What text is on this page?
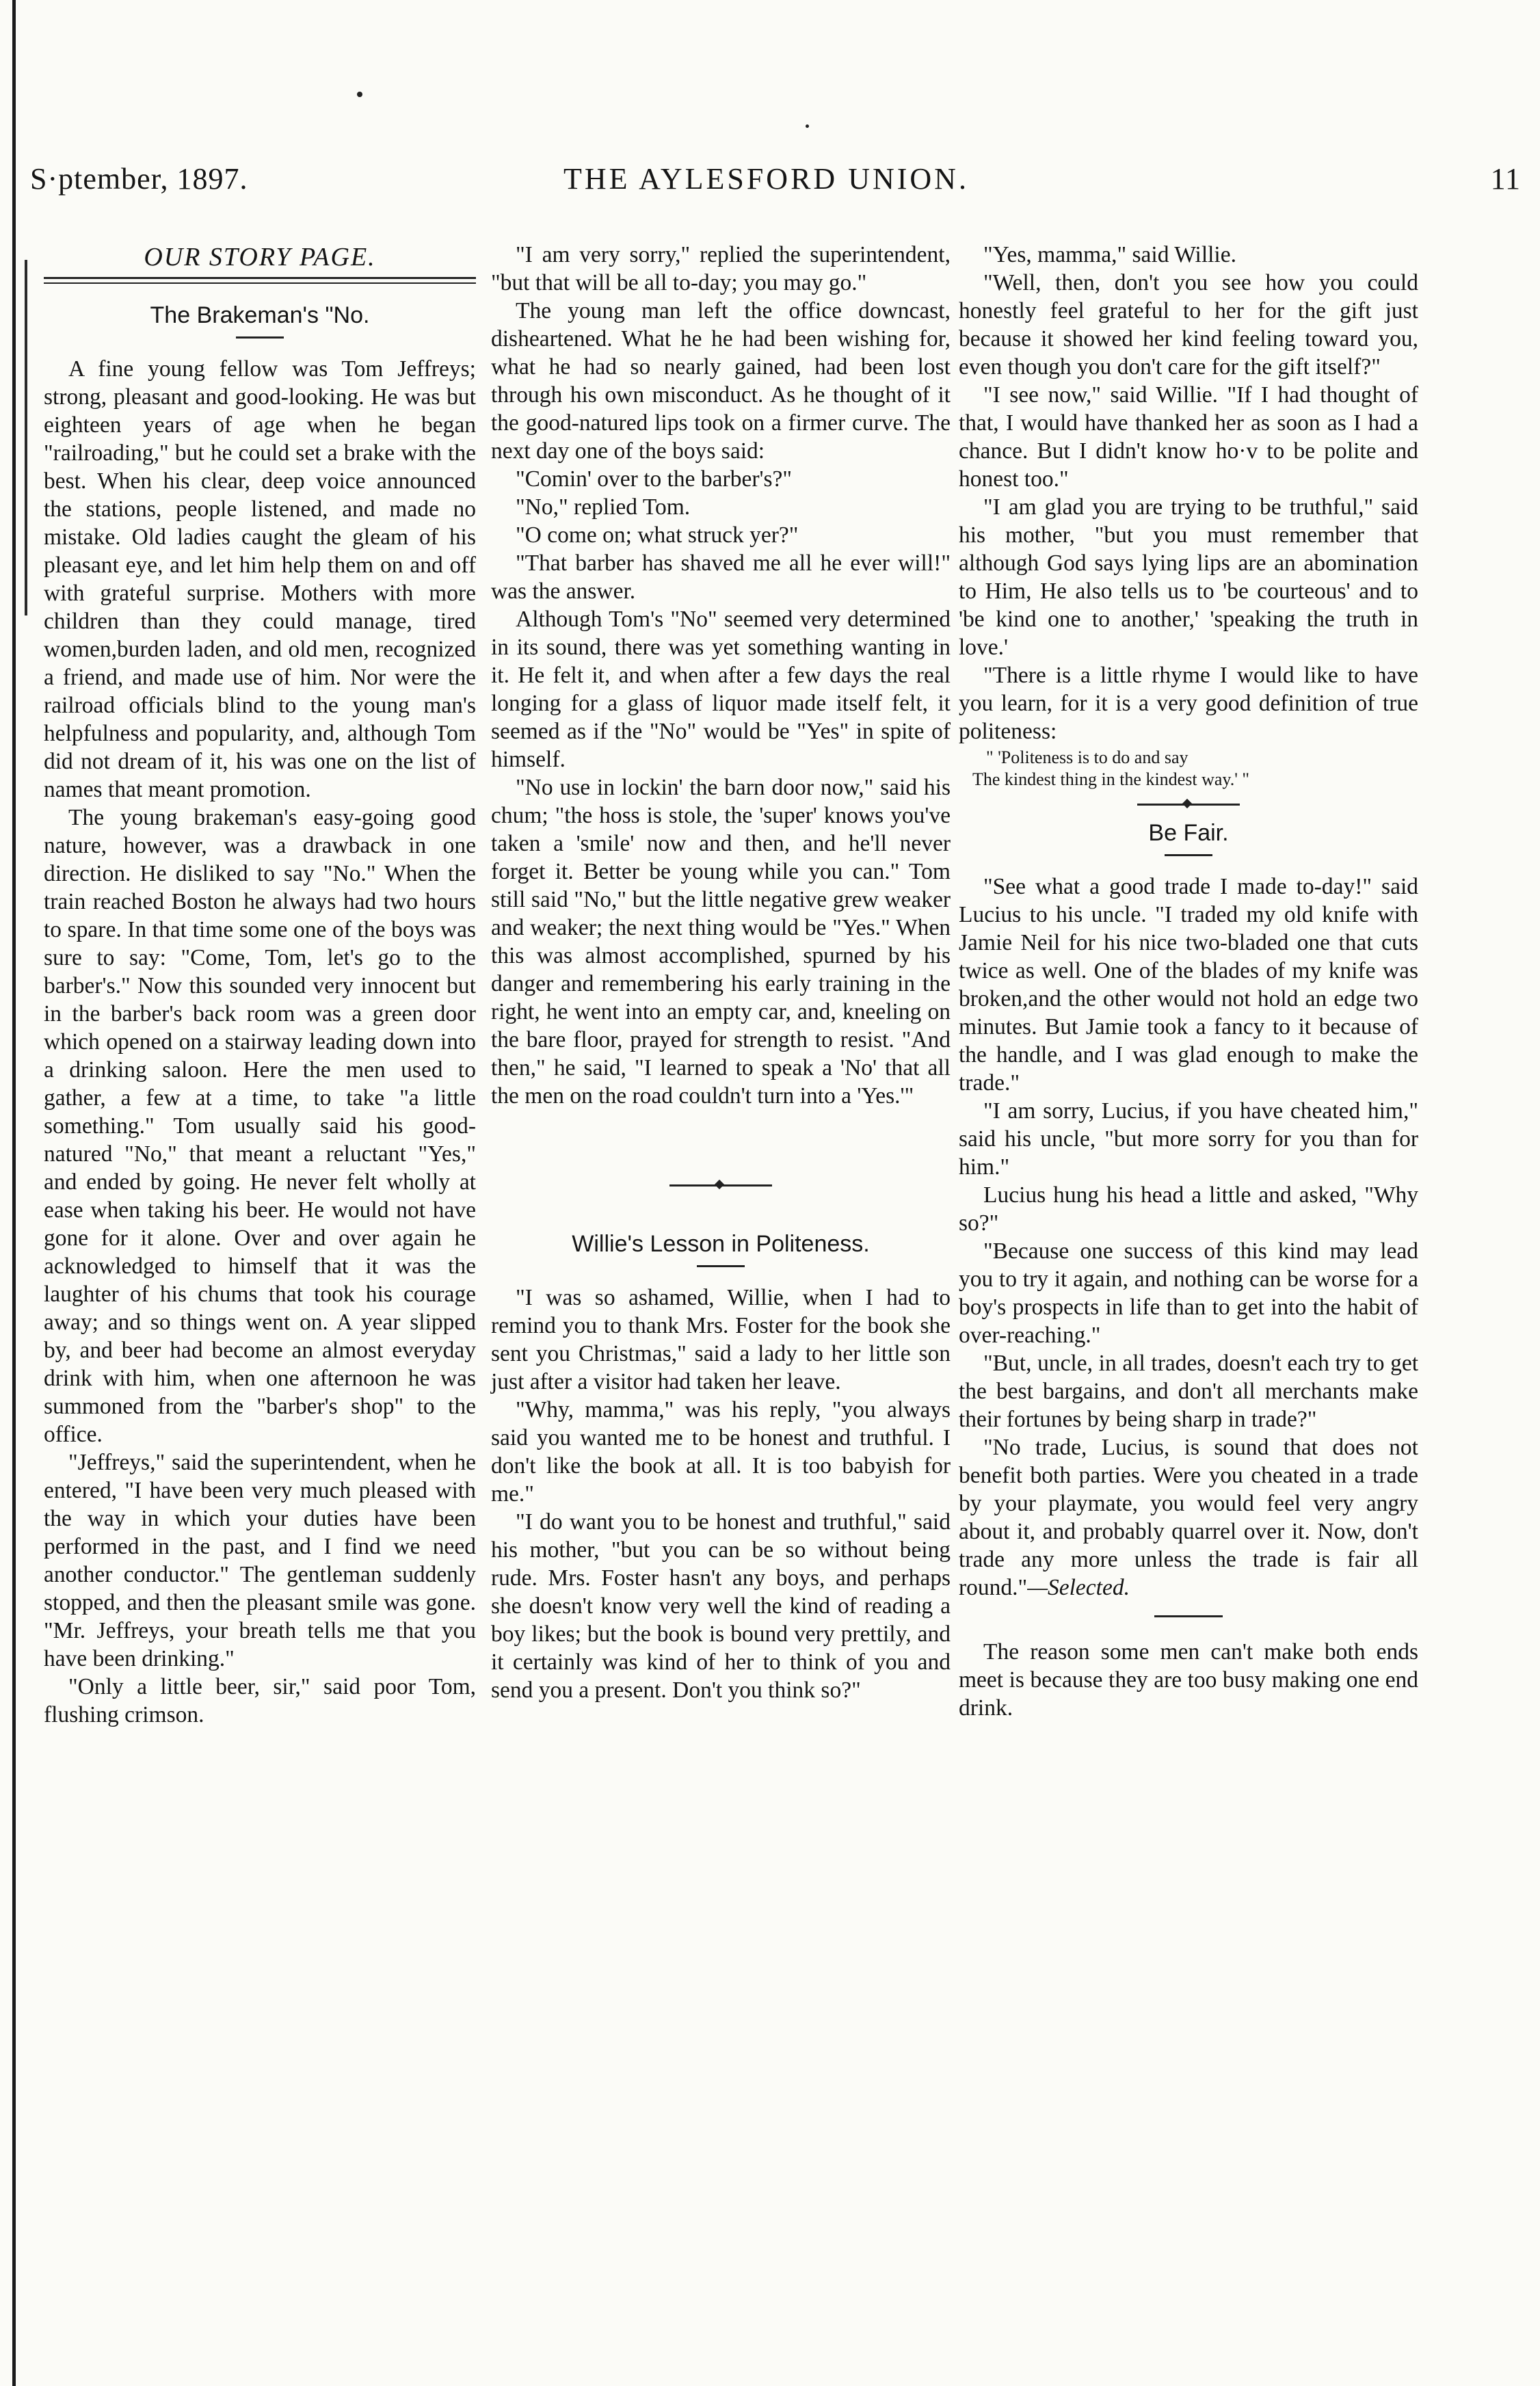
S·ptember, 1897.	THE AYLESFORD UNION.	11
OUR STORY PAGE.
The Brakeman's "No.

A fine young fellow was Tom Jeffreys; strong, pleasant and good-looking. He was but eighteen years of age when he began "railroading," but he could set a brake with the best. When his clear, deep voice announced the stations, people listened, and made no mistake. Old ladies caught the gleam of his pleasant eye, and let him help them on and off with grateful surprise. Mothers with more children than they could manage, tired women,burden laden, and old men, recognized a friend, and made use of him. Nor were the railroad officials blind to the young man's helpfulness and popularity, and, although Tom did not dream of it, his was one on the list of names that meant promotion.

The young brakeman's easy-going good nature, however, was a drawback in one direction. He disliked to say "No." When the train reached Boston he always had two hours to spare. In that time some one of the boys was sure to say: "Come, Tom, let's go to the barber's." Now this sounded very innocent but in the barber's back room was a green door which opened on a stairway leading down into a drinking saloon. Here the men used to gather, a few at a time, to take "a little something." Tom usually said his good-natured "No," that meant a reluctant "Yes," and ended by going. He never felt wholly at ease when taking his beer. He would not have gone for it alone. Over and over again he acknowledged to himself that it was the laughter of his chums that took his courage away; and so things went on. A year slipped by, and beer had become an almost everyday drink with him, when one afternoon he was summoned from the "barber's shop" to the office.

"Jeffreys," said the superintendent, when he entered, "I have been very much pleased with the way in which your duties have been performed in the past, and I find we need another conductor." The gentleman suddenly stopped, and then the pleasant smile was gone. "Mr. Jeffreys, your breath tells me that you have been drinking."

"Only a little beer, sir," said poor Tom, flushing crimson.

"I am very sorry," replied the superintendent, "but that will be all to-day; you may go."

The young man left the office downcast, disheartened. What he he had been wishing for, what he had so nearly gained, had been lost through his own misconduct. As he thought of it the good-natured lips took on a firmer curve. The next day one of the boys said:

"Comin' over to the barber's?"

"No," replied Tom.

"O come on; what struck yer?"

"That barber has shaved me all he ever will!" was the answer.

Although Tom's "No" seemed very determined in its sound, there was yet something wanting in it. He felt it, and when after a few days the real longing for a glass of liquor made itself felt, it seemed as if the "No" would be "Yes" in spite of himself.

"No use in lockin' the barn door now," said his chum; "the hoss is stole, the 'super' knows you've taken a 'smile' now and then, and he'll never forget it. Better be young while you can." Tom still said "No," but the little negative grew weaker and weaker; the next thing would be "Yes." When this was almost accomplished, spurned by his danger and remembering his early training in the right, he went into an empty car, and, kneeling on the bare floor, prayed for strength to resist. "And then," he said, "I learned to speak a 'No' that all the men on the road couldn't turn into a 'Yes.'"

Willie's Lesson in Politeness.

"I was so ashamed, Willie, when I had to remind you to thank Mrs. Foster for the book she sent you Christmas," said a lady to her little son just after a visitor had taken her leave.

"Why, mamma," was his reply, "you always said you wanted me to be honest and truthful. I don't like the book at all. It is too babyish for me."

"I do want you to be honest and truthful," said his mother, "but you can be so without being rude. Mrs. Foster hasn't any boys, and perhaps she doesn't know very well the kind of reading a boy likes; but the book is bound very prettily, and it certainly was kind of her to think of you and send you a present. Don't you think so?"

"Yes, mamma," said Willie.

"Well, then, don't you see how you could honestly feel grateful to her for the gift just because it showed her kind feeling toward you, even though you don't care for the gift itself?"

"I see now," said Willie. "If I had thought of that, I would have thanked her as soon as I had a chance. But I didn't know ho·v to be polite and honest too."

"I am glad you are trying to be truthful," said his mother, "but you must remember that although God says lying lips are an abomination to Him, He also tells us to 'be courteous' and to 'be kind one to another,' 'speaking the truth in love.'

"There is a little rhyme I would like to have you learn, for it is a very good definition of true politeness:

" 'Politeness is to do and say
The kindest thing in the kindest way.' "
Be Fair.

"See what a good trade I made to-day!" said Lucius to his uncle. "I traded my old knife with Jamie Neil for his nice two-bladed one that cuts twice as well. One of the blades of my knife was broken,and the other would not hold an edge two minutes. But Jamie took a fancy to it because of the handle, and I was glad enough to make the trade."

"I am sorry, Lucius, if you have cheated him," said his uncle, "but more sorry for you than for him."

Lucius hung his head a little and asked, "Why so?"

"Because one success of this kind may lead you to try it again, and nothing can be worse for a boy's prospects in life than to get into the habit of over-reaching."

"But, uncle, in all trades, doesn't each try to get the best bargains, and don't all merchants make their fortunes by being sharp in trade?"

"No trade, Lucius, is sound that does not benefit both parties. Were you cheated in a trade by your playmate, you would feel very angry about it, and probably quarrel over it. Now, don't trade any more unless the trade is fair all round."—Selected.

The reason some men can't make both ends meet is because they are too busy making one end drink.
